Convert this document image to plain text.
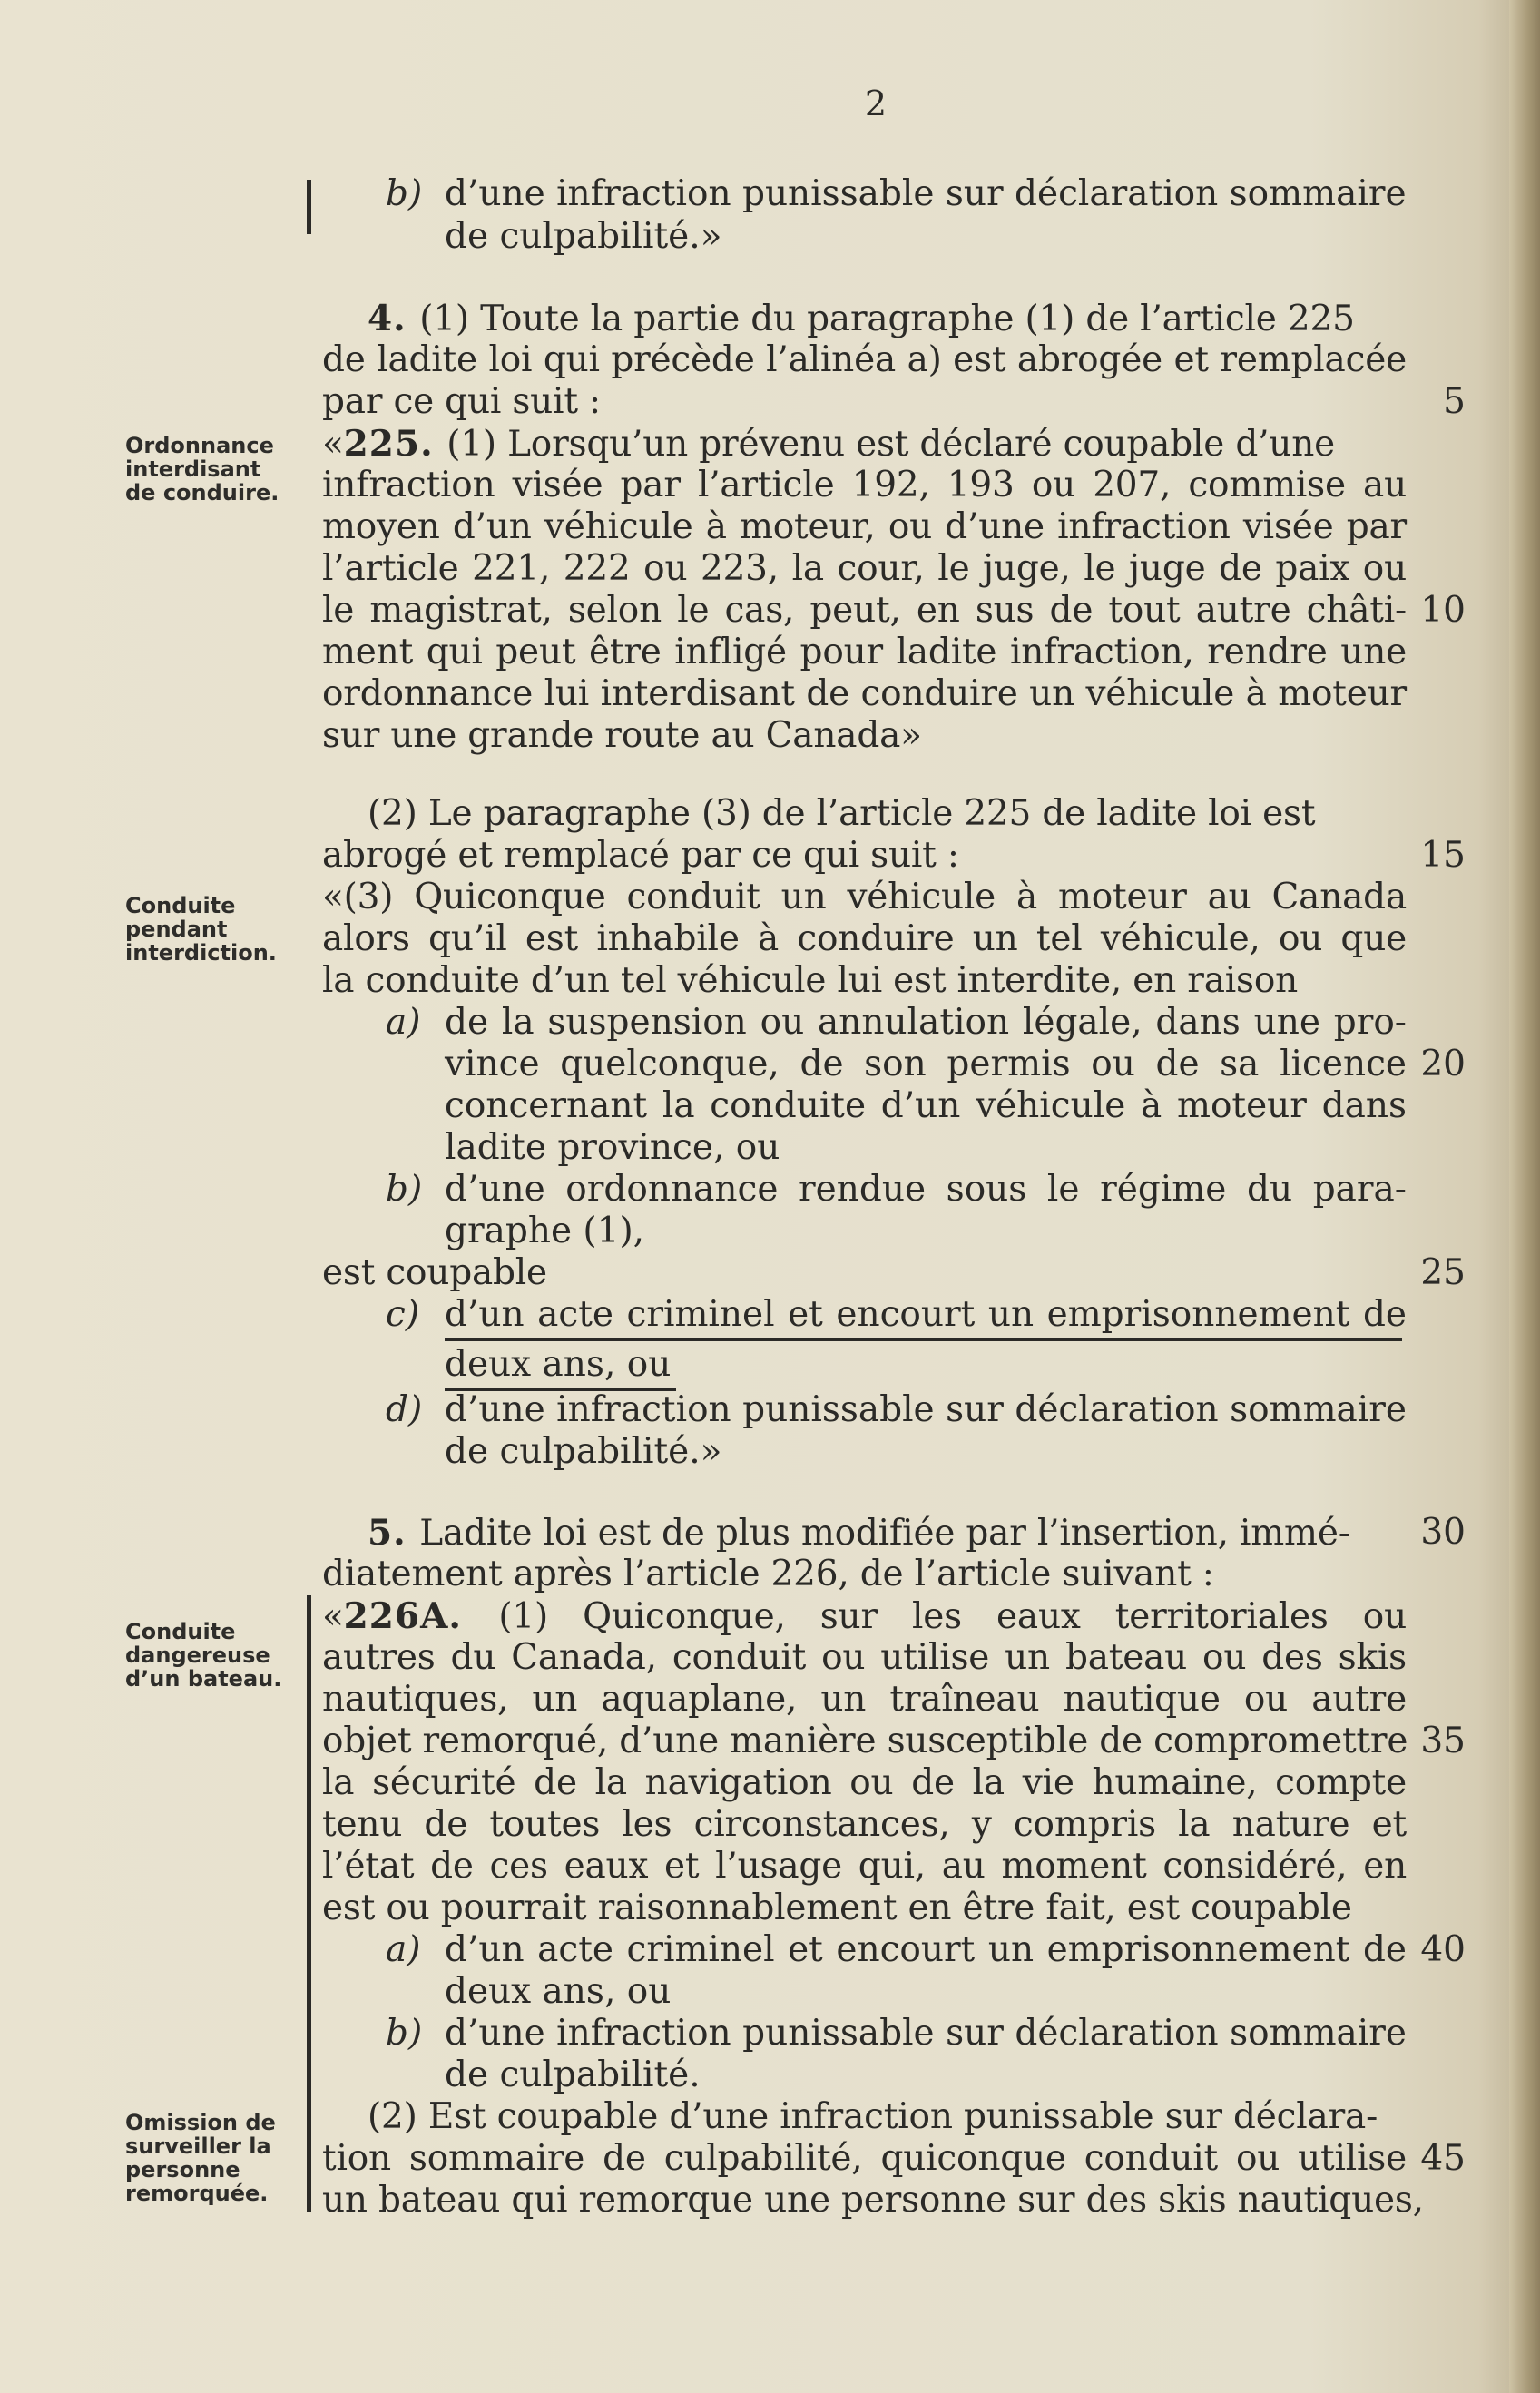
2
Ordonnance
interdisant
de conduire.
Conduite
pendant
interdiction.
Conduite
dangereuse
d’un bateau.
Omission de
surveiller la
personne
remorquée.
b) d’une infraction punissable sur déclaration sommaire
de culpabilité.»
4. (1) Toute la partie du paragraphe (1) de l’article 225
de ladite loi qui précède l’alinéa a) est abrogée et remplacée
par ce qui suit :
«225. (1) Lorsqu’un prévenu est déclaré coupable d’une
infraction visée par l’article 192, 193 ou 207, commise au
moyen d’un véhicule à moteur, ou d’une infraction visée par
l’article 221, 222 ou 223, la cour, le juge, le juge de paix ou
le magistrat, selon le cas, peut, en sus de tout autre châti-
ment qui peut être infligé pour ladite infraction, rendre une
ordonnance lui interdisant de conduire un véhicule à moteur
sur une grande route au Canada»
(2) Le paragraphe (3) de l’article 225 de ladite loi est
abrogé et remplacé par ce qui suit :
«(3) Quiconque conduit un véhicule à moteur au Canada
alors qu’il est inhabile à conduire un tel véhicule, ou que
la conduite d’un tel véhicule lui est interdite, en raison
a) de la suspension ou annulation légale, dans une pro-
vince quelconque, de son permis ou de sa licence
concernant la conduite d’un véhicule à moteur dans
ladite province, ou
b) d’une ordonnance rendue sous le régime du para-
graphe (1),
est coupable
c) d’un acte criminel et encourt un emprisonnement de
deux ans, ou
d) d’une infraction punissable sur déclaration sommaire
de culpabilité.»
5. Ladite loi est de plus modifiée par l’insertion, immé-
diatement après l’article 226, de l’article suivant :
«226A. (1) Quiconque, sur les eaux territoriales ou
autres du Canada, conduit ou utilise un bateau ou des skis
nautiques, un aquaplane, un traîneau nautique ou autre
objet remorqué, d’une manière susceptible de compromettre
la sécurité de la navigation ou de la vie humaine, compte
tenu de toutes les circonstances, y compris la nature et
l’état de ces eaux et l’usage qui, au moment considéré, en
est ou pourrait raisonnablement en être fait, est coupable
a) d’un acte criminel et encourt un emprisonnement de
deux ans, ou
b) d’une infraction punissable sur déclaration sommaire
de culpabilité.
(2) Est coupable d’une infraction punissable sur déclara-
tion sommaire de culpabilité, quiconque conduit ou utilise
un bateau qui remorque une personne sur des skis nautiques,
5
10
15
20
25
30
35
40
45
